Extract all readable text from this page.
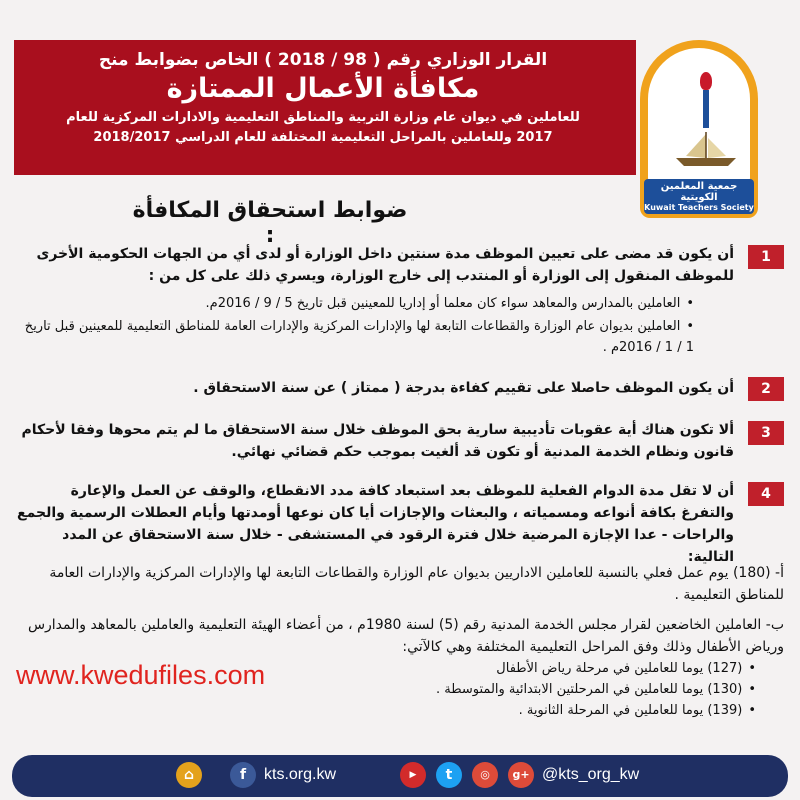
القرار الوزاري رقم ( 98 / 2018 ) الخاص بضوابط منح
مكافأة الأعمال الممتازة
للعاملين في ديوان عام وزارة التربية والمناطق التعليمية والادارات المركزية للعام
2017 وللعاملين بالمراحل التعليمية المختلفة للعام الدراسي 2018/2017
جمعية المعلمين الكويتية
Kuwait Teachers Society
ضوابط استحقاق المكافأة :
1
أن يكون قد مضى على تعيين الموظف مدة سنتين داخل الوزارة أو لدى أي من الجهات الحكومية الأخرى للموظف المنقول إلى الوزارة أو المنتدب إلى خارج الوزارة، ويسري ذلك على كل من :
• العاملين بالمدارس والمعاهد سواء كان معلما أو إداريا للمعينين قبل تاريخ 5 / 9 / 2016م.
• العاملين بديوان عام الوزارة والقطاعات التابعة لها والإدارات المركزية والإدارات العامة للمناطق التعليمية للمعينين قبل تاريخ 1 / 1 / 2016م .
2
أن يكون الموظف حاصلا على تقييم كفاءة بدرجة ( ممتاز ) عن سنة الاستحقاق .
3
ألا تكون هناك أية عقوبات تأديبية سارية بحق الموظف خلال سنة الاستحقاق ما لم يتم محوها وفقا لأحكام قانون ونظام الخدمة المدنية أو تكون قد ألغيت بموجب حكم قضائي نهائي.
4
أن لا تقل مدة الدوام الفعلية للموظف بعد استبعاد كافة مدد الانقطاع، والوقف عن العمل والإعارة والتفرغ بكافة أنواعه ومسمياته ، والبعثات والإجازات أيا كان نوعها أومدتها وأيام العطلات الرسمية والجمع والراحات - عدا الإجازة المرضية خلال فترة الرقود في المستشفى - خلال سنة الاستحقاق عن المدد التالية:
أ- (180) يوم عمل فعلي بالنسبة للعاملين الاداريين بديوان عام الوزارة والقطاعات التابعة لها والإدارات المركزية والإدارات العامة للمناطق التعليمية .
ب- العاملين الخاضعين لقرار مجلس الخدمة المدنية رقم (5) لسنة 1980م ، من أعضاء الهيئة التعليمية والعاملين بالمعاهد والمدارس ورياض الأطفال وذلك وفق المراحل التعليمية المختلفة وهي كالآتي:
• (127) يوما للعاملين في مرحلة رياض الأطفال
• (130) يوما للعاملين في المرحلتين الابتدائية والمتوسطة .
• (139) يوما للعاملين في المرحلة الثانوية .
www.kwedufiles.com
⌂	f	kts.org.kw	▶	t	◎	g+ @kts_org_kw
